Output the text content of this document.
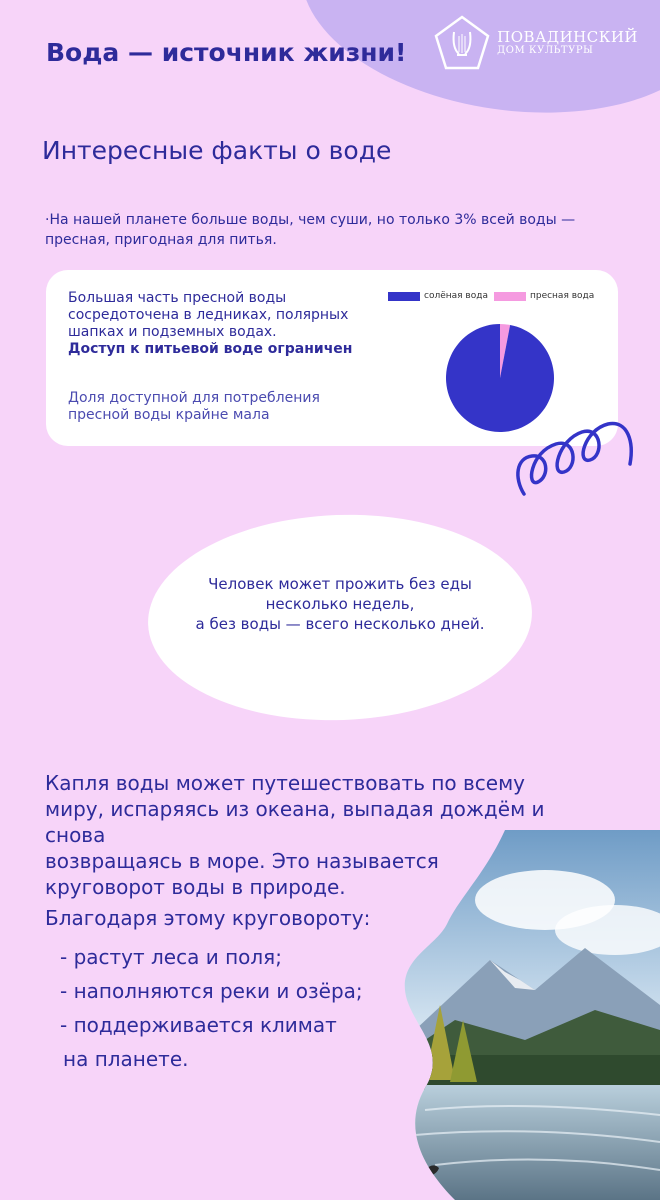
ПОВАДИНСКИЙ
ДОМ КУЛЬТУРЫ
Вода — источник жизни!
Интересные факты о воде

·На нашей планете больше воды, чем суши, но только 3% всей воды — пресная, пригодная для питья.

Большая часть пресной воды сосредоточена в ледниках, полярных шапках и подземных водах.

Доступ к питьевой воде ограничен

Доля доступной для потребления пресной воды крайне мала

солёная вода	пресная вода
Человек может прожить без еды
несколько недель,
а без воды — всего несколько дней.
Капля воды может путешествовать по всему
миру, испаряясь из океана, выпадая дождём и снова
возвращаясь в море. Это называется
круговорот воды в природе.

Благодаря этому круговороту:

- растут леса и поля;
- наполняются реки и озёра;
- поддерживается климат
на планете.
